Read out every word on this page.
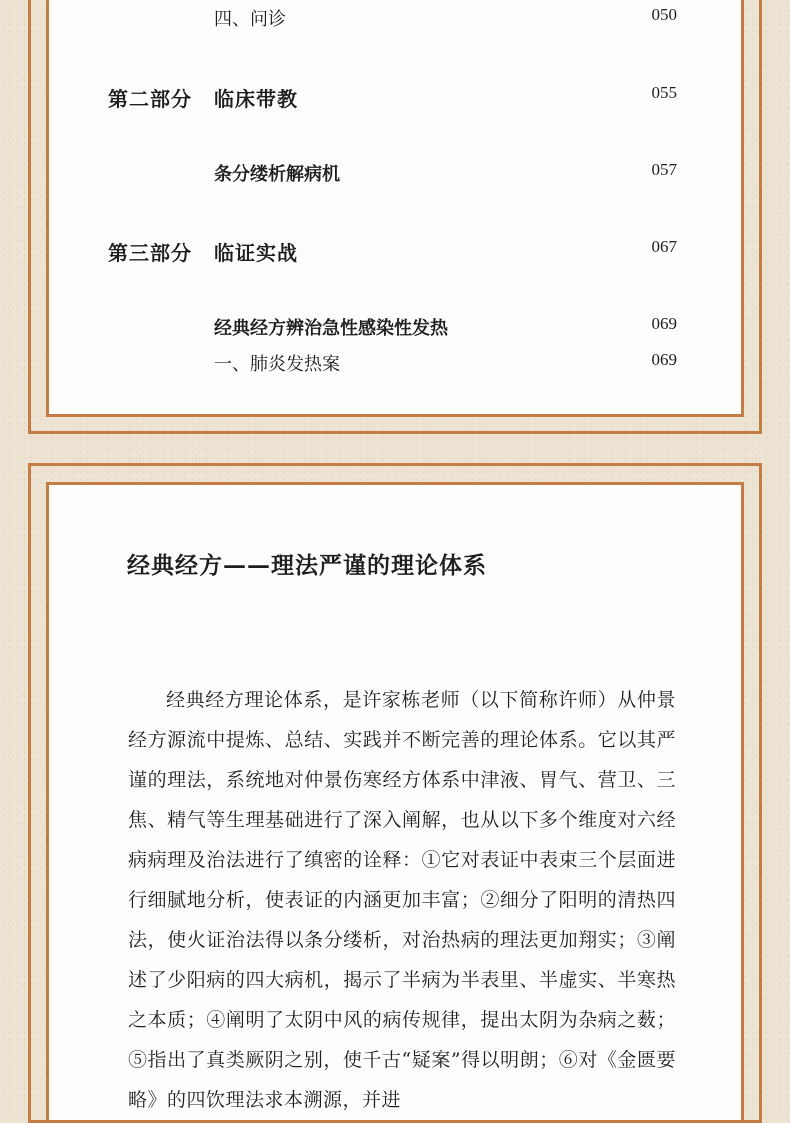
四、问诊	050
第二部分 临床带教	055
条分缕析解病机	057
第三部分 临证实战	067
经典经方辨治急性感染性发热	069
一、肺炎发热案	069
经典经方——理法严谨的理论体系

经典经方理论体系，是许家栋老师（以下简称许师）从仲景经方源流中提炼、总结、实践并不断完善的理论体系。它以其严谨的理法，系统地对仲景伤寒经方体系中津液、胃气、营卫、三焦、精气等生理基础进行了深入阐解，也从以下多个维度对六经病病理及治法进行了缜密的诠释：①它对表证中表束三个层面进行细腻地分析，使表证的内涵更加丰富；②细分了阳明的清热四法，使火证治法得以条分缕析，对治热病的理法更加翔实；③阐述了少阳病的四大病机，揭示了半病为半表里、半虚实、半寒热之本质；④阐明了太阴中风的病传规律，提出太阴为杂病之薮；⑤指出了真类厥阴之别，使千古“疑案”得以明朗；⑥对《金匮要略》的四饮理法求本溯源，并进
